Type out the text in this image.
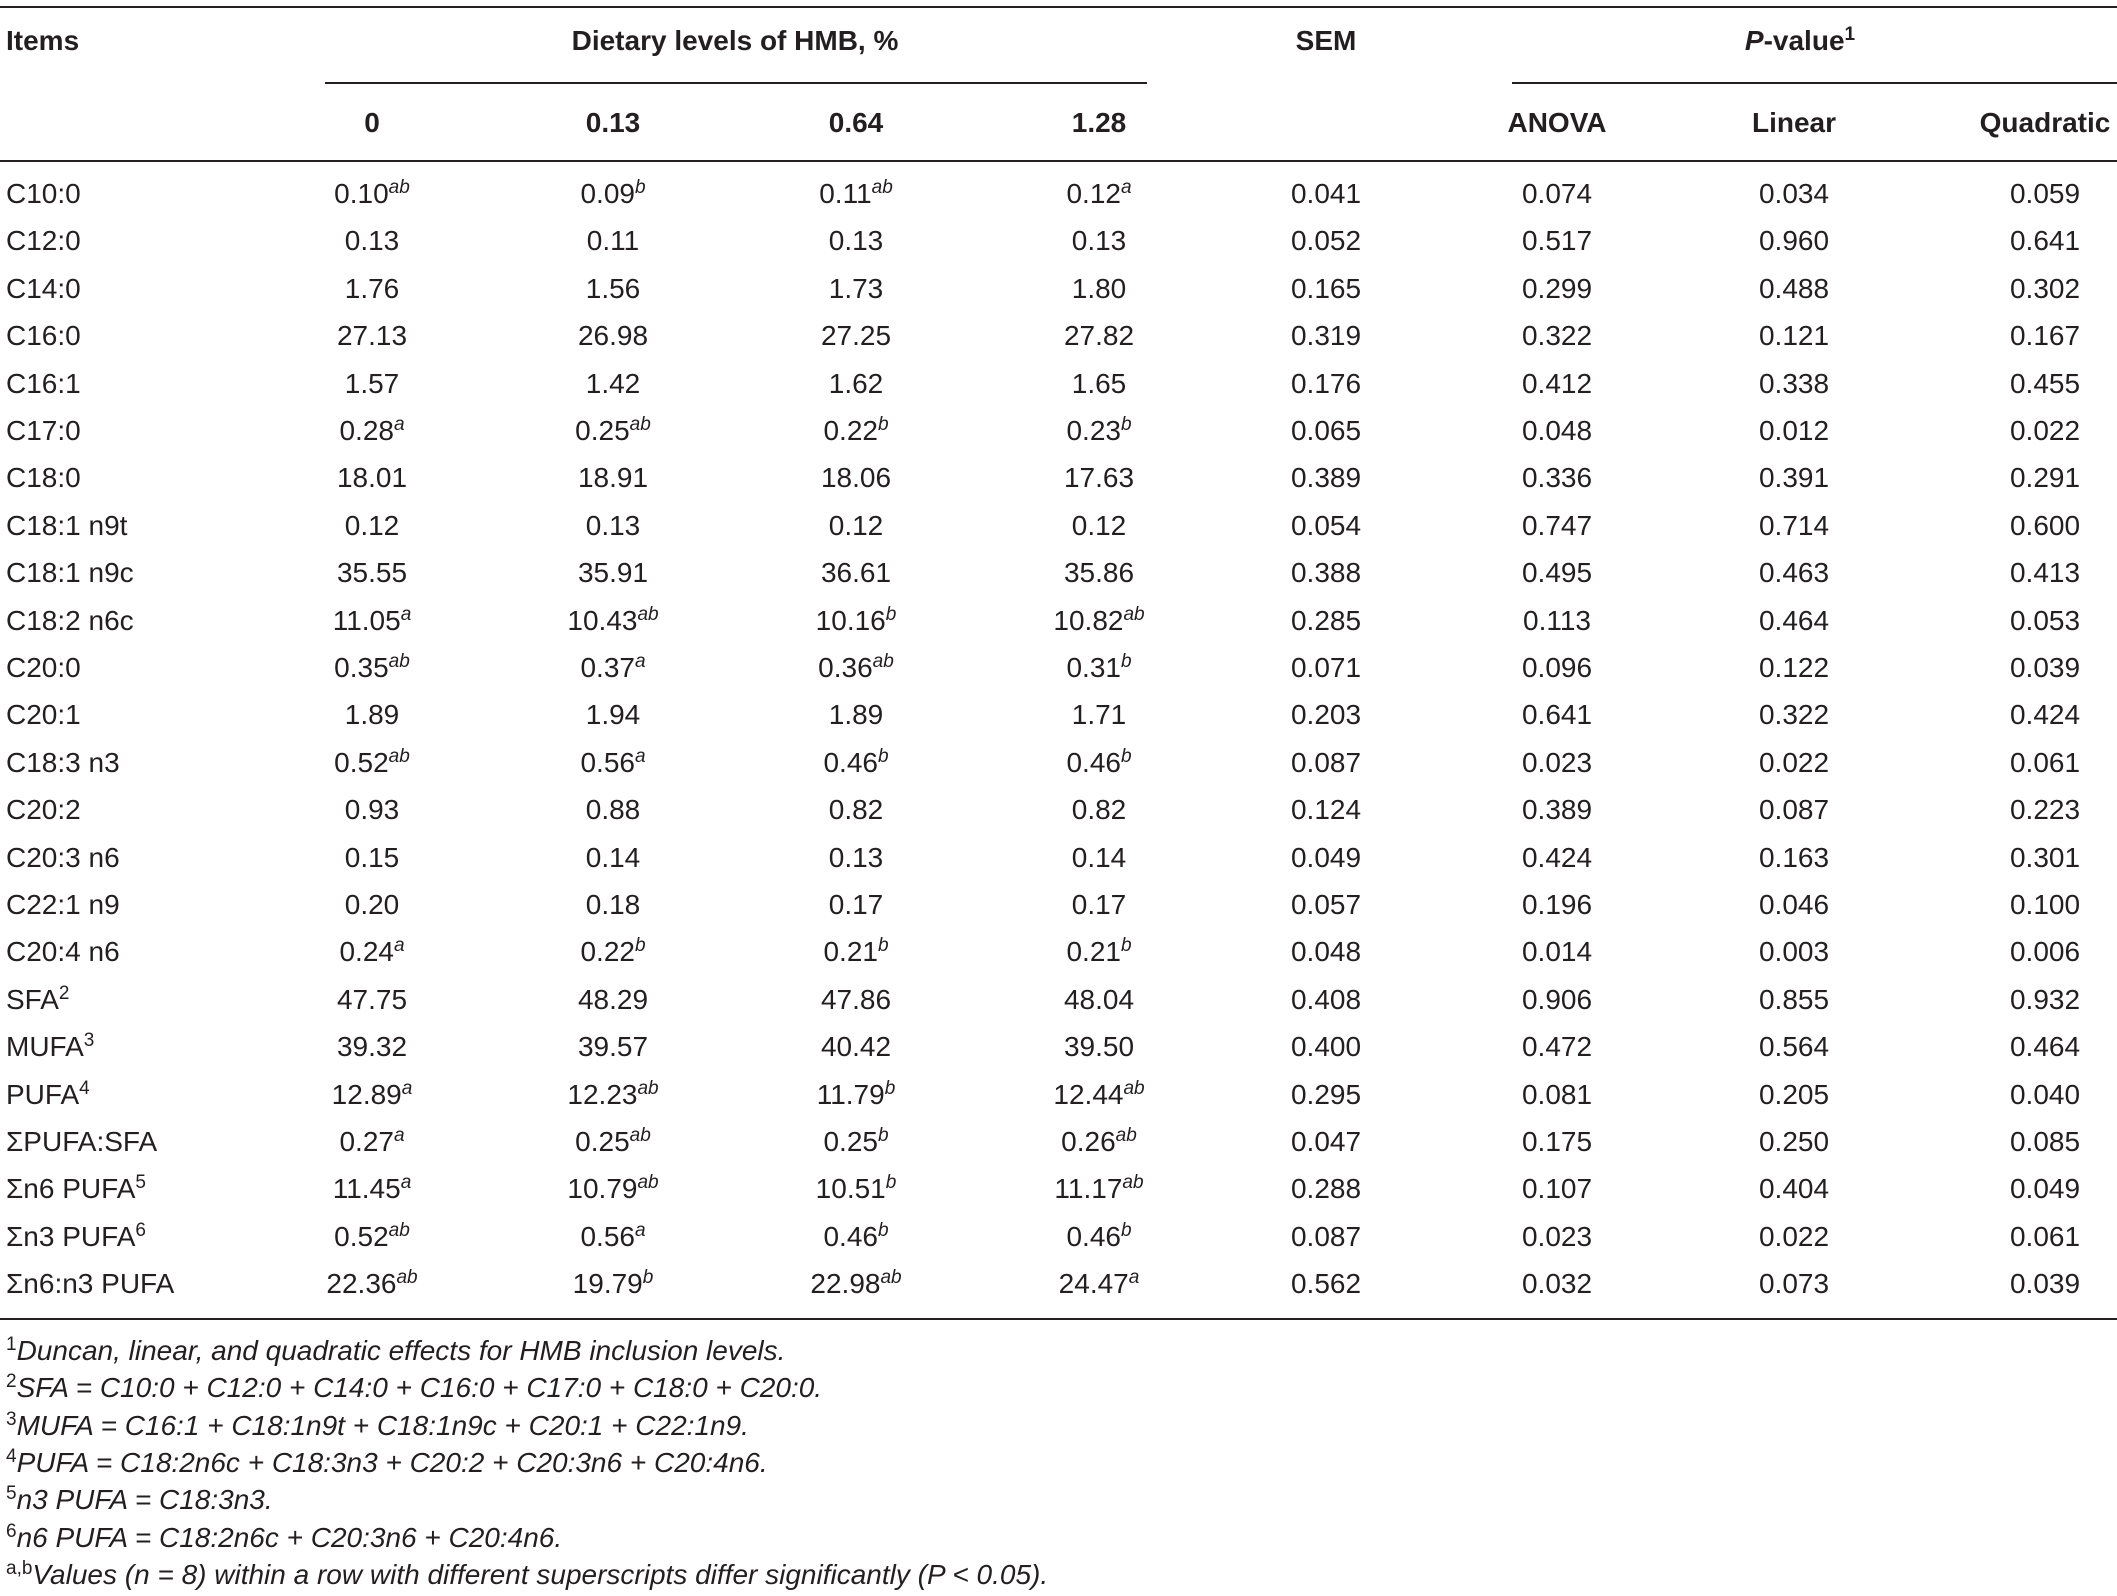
Items	Dietary levels of HMB, %	SEM	P-value$^1$
0	0.13	0.64	1.28	ANOVA	Linear	Quadratic
C10:0	0.10$^{ab}$	0.09$^b$	0.11$^{ab}$	0.12$^a$	0.041	0.074	0.034	0.059
C12:0	0.13	0.11	0.13	0.13	0.052	0.517	0.960	0.641
C14:0	1.76	1.56	1.73	1.80	0.165	0.299	0.488	0.302
C16:0	27.13	26.98	27.25	27.82	0.319	0.322	0.121	0.167
C16:1	1.57	1.42	1.62	1.65	0.176	0.412	0.338	0.455
C17:0	0.28$^a$	0.25$^{ab}$	0.22$^b$	0.23$^b$	0.065	0.048	0.012	0.022
C18:0	18.01	18.91	18.06	17.63	0.389	0.336	0.391	0.291
C18:1 n9t	0.12	0.13	0.12	0.12	0.054	0.747	0.714	0.600
C18:1 n9c	35.55	35.91	36.61	35.86	0.388	0.495	0.463	0.413
C18:2 n6c	11.05$^a$	10.43$^{ab}$	10.16$^b$	10.82$^{ab}$	0.285	0.113	0.464	0.053
C20:0	0.35$^{ab}$	0.37$^a$	0.36$^{ab}$	0.31$^b$	0.071	0.096	0.122	0.039
C20:1	1.89	1.94	1.89	1.71	0.203	0.641	0.322	0.424
C18:3 n3	0.52$^{ab}$	0.56$^a$	0.46$^b$	0.46$^b$	0.087	0.023	0.022	0.061
C20:2	0.93	0.88	0.82	0.82	0.124	0.389	0.087	0.223
C20:3 n6	0.15	0.14	0.13	0.14	0.049	0.424	0.163	0.301
C22:1 n9	0.20	0.18	0.17	0.17	0.057	0.196	0.046	0.100
C20:4 n6	0.24$^a$	0.22$^b$	0.21$^b$	0.21$^b$	0.048	0.014	0.003	0.006
SFA$^2$	47.75	48.29	47.86	48.04	0.408	0.906	0.855	0.932
MUFA$^3$	39.32	39.57	40.42	39.50	0.400	0.472	0.564	0.464
PUFA$^4$	12.89$^a$	12.23$^{ab}$	11.79$^b$	12.44$^{ab}$	0.295	0.081	0.205	0.040
ΣPUFA:SFA	0.27$^a$	0.25$^{ab}$	0.25$^b$	0.26$^{ab}$	0.047	0.175	0.250	0.085
Σn6 PUFA$^5$	11.45$^a$	10.79$^{ab}$	10.51$^b$	11.17$^{ab}$	0.288	0.107	0.404	0.049
Σn3 PUFA$^6$	0.52$^{ab}$	0.56$^a$	0.46$^b$	0.46$^b$	0.087	0.023	0.022	0.061
Σn6:n3 PUFA	22.36$^{ab}$	19.79$^b$	22.98$^{ab}$	24.47$^a$	0.562	0.032	0.073	0.039
$^1$Duncan, linear, and quadratic effects for HMB inclusion levels.
$^2$SFA = C10:0 + C12:0 + C14:0 + C16:0 + C17:0 + C18:0 + C20:0.
$^3$MUFA = C16:1 + C18:1n9t + C18:1n9c + C20:1 + C22:1n9.
$^4$PUFA = C18:2n6c + C18:3n3 + C20:2 + C20:3n6 + C20:4n6.
$^5$n3 PUFA = C18:3n3.
$^6$n6 PUFA = C18:2n6c + C20:3n6 + C20:4n6.
$^{a,b}$Values (n = 8) within a row with different superscripts differ significantly (P < 0.05).
